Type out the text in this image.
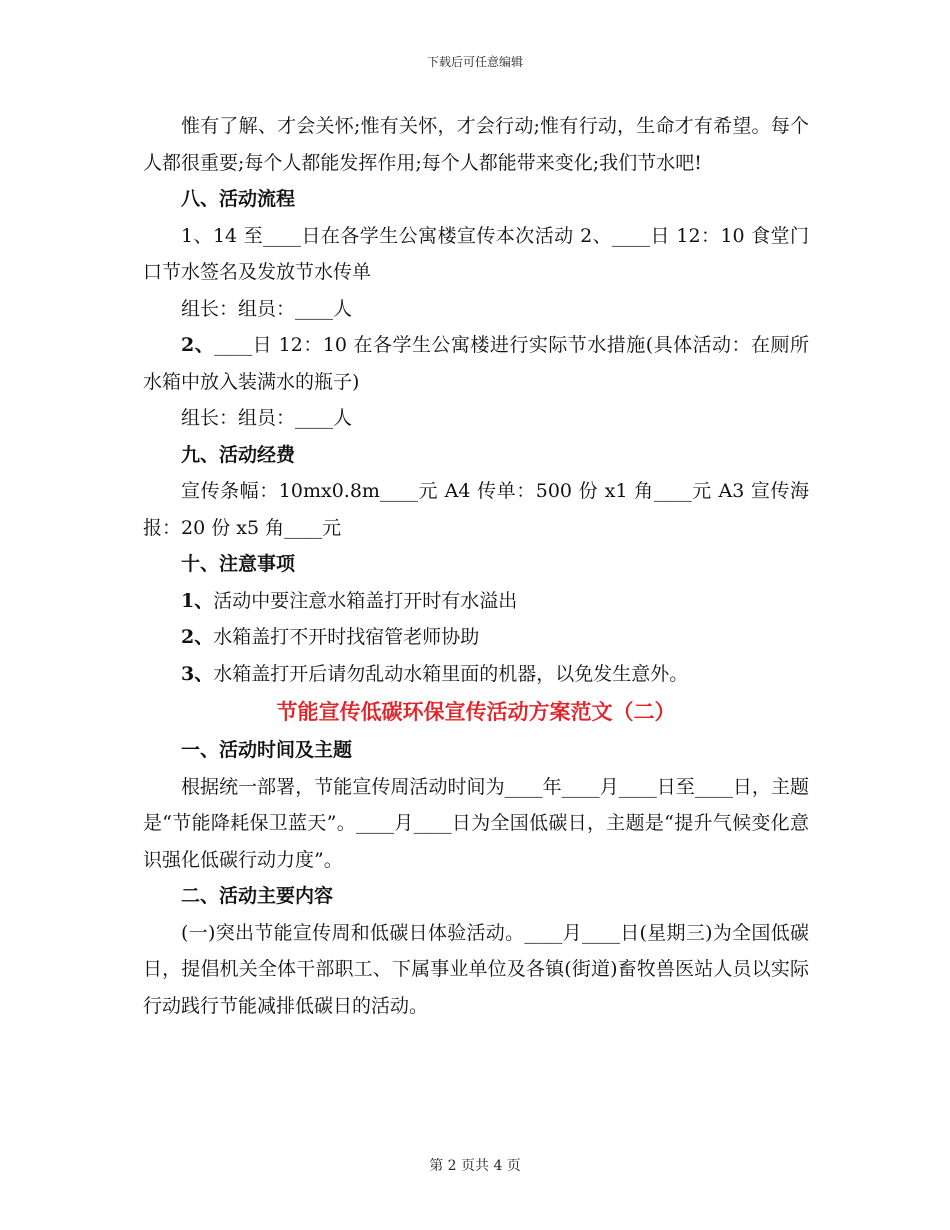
下载后可任意编辑

惟有了解、才会关怀;惟有关怀，才会行动;惟有行动，生命才有希望。每个人都很重要;每个人都能发挥作用;每个人都能带来变化;我们节水吧!

八、活动流程

1、14 至____日在各学生公寓楼宣传本次活动 2、____日 12：10 食堂门口节水签名及发放节水传单

组长：组员：____人

2、____日 12：10 在各学生公寓楼进行实际节水措施(具体活动：在厕所水箱中放入装满水的瓶子)

组长：组员：____人

九、活动经费

宣传条幅：10mx0.8m____元 A4 传单：500 份 x1 角____元 A3 宣传海报：20 份 x5 角____元

十、注意事项

1、活动中要注意水箱盖打开时有水溢出

2、水箱盖打不开时找宿管老师协助

3、水箱盖打开后请勿乱动水箱里面的机器，以免发生意外。

节能宣传低碳环保宣传活动方案范文（二）

一、活动时间及主题

根据统一部署，节能宣传周活动时间为____年____月____日至____日，主题是“节能降耗保卫蓝天”。____月____日为全国低碳日，主题是“提升气候变化意识强化低碳行动力度”。

二、活动主要内容

(一)突出节能宣传周和低碳日体验活动。____月____日(星期三)为全国低碳日，提倡机关全体干部职工、下属事业单位及各镇(街道)畜牧兽医站人员以实际行动践行节能减排低碳日的活动。

第 2 页共 4 页
